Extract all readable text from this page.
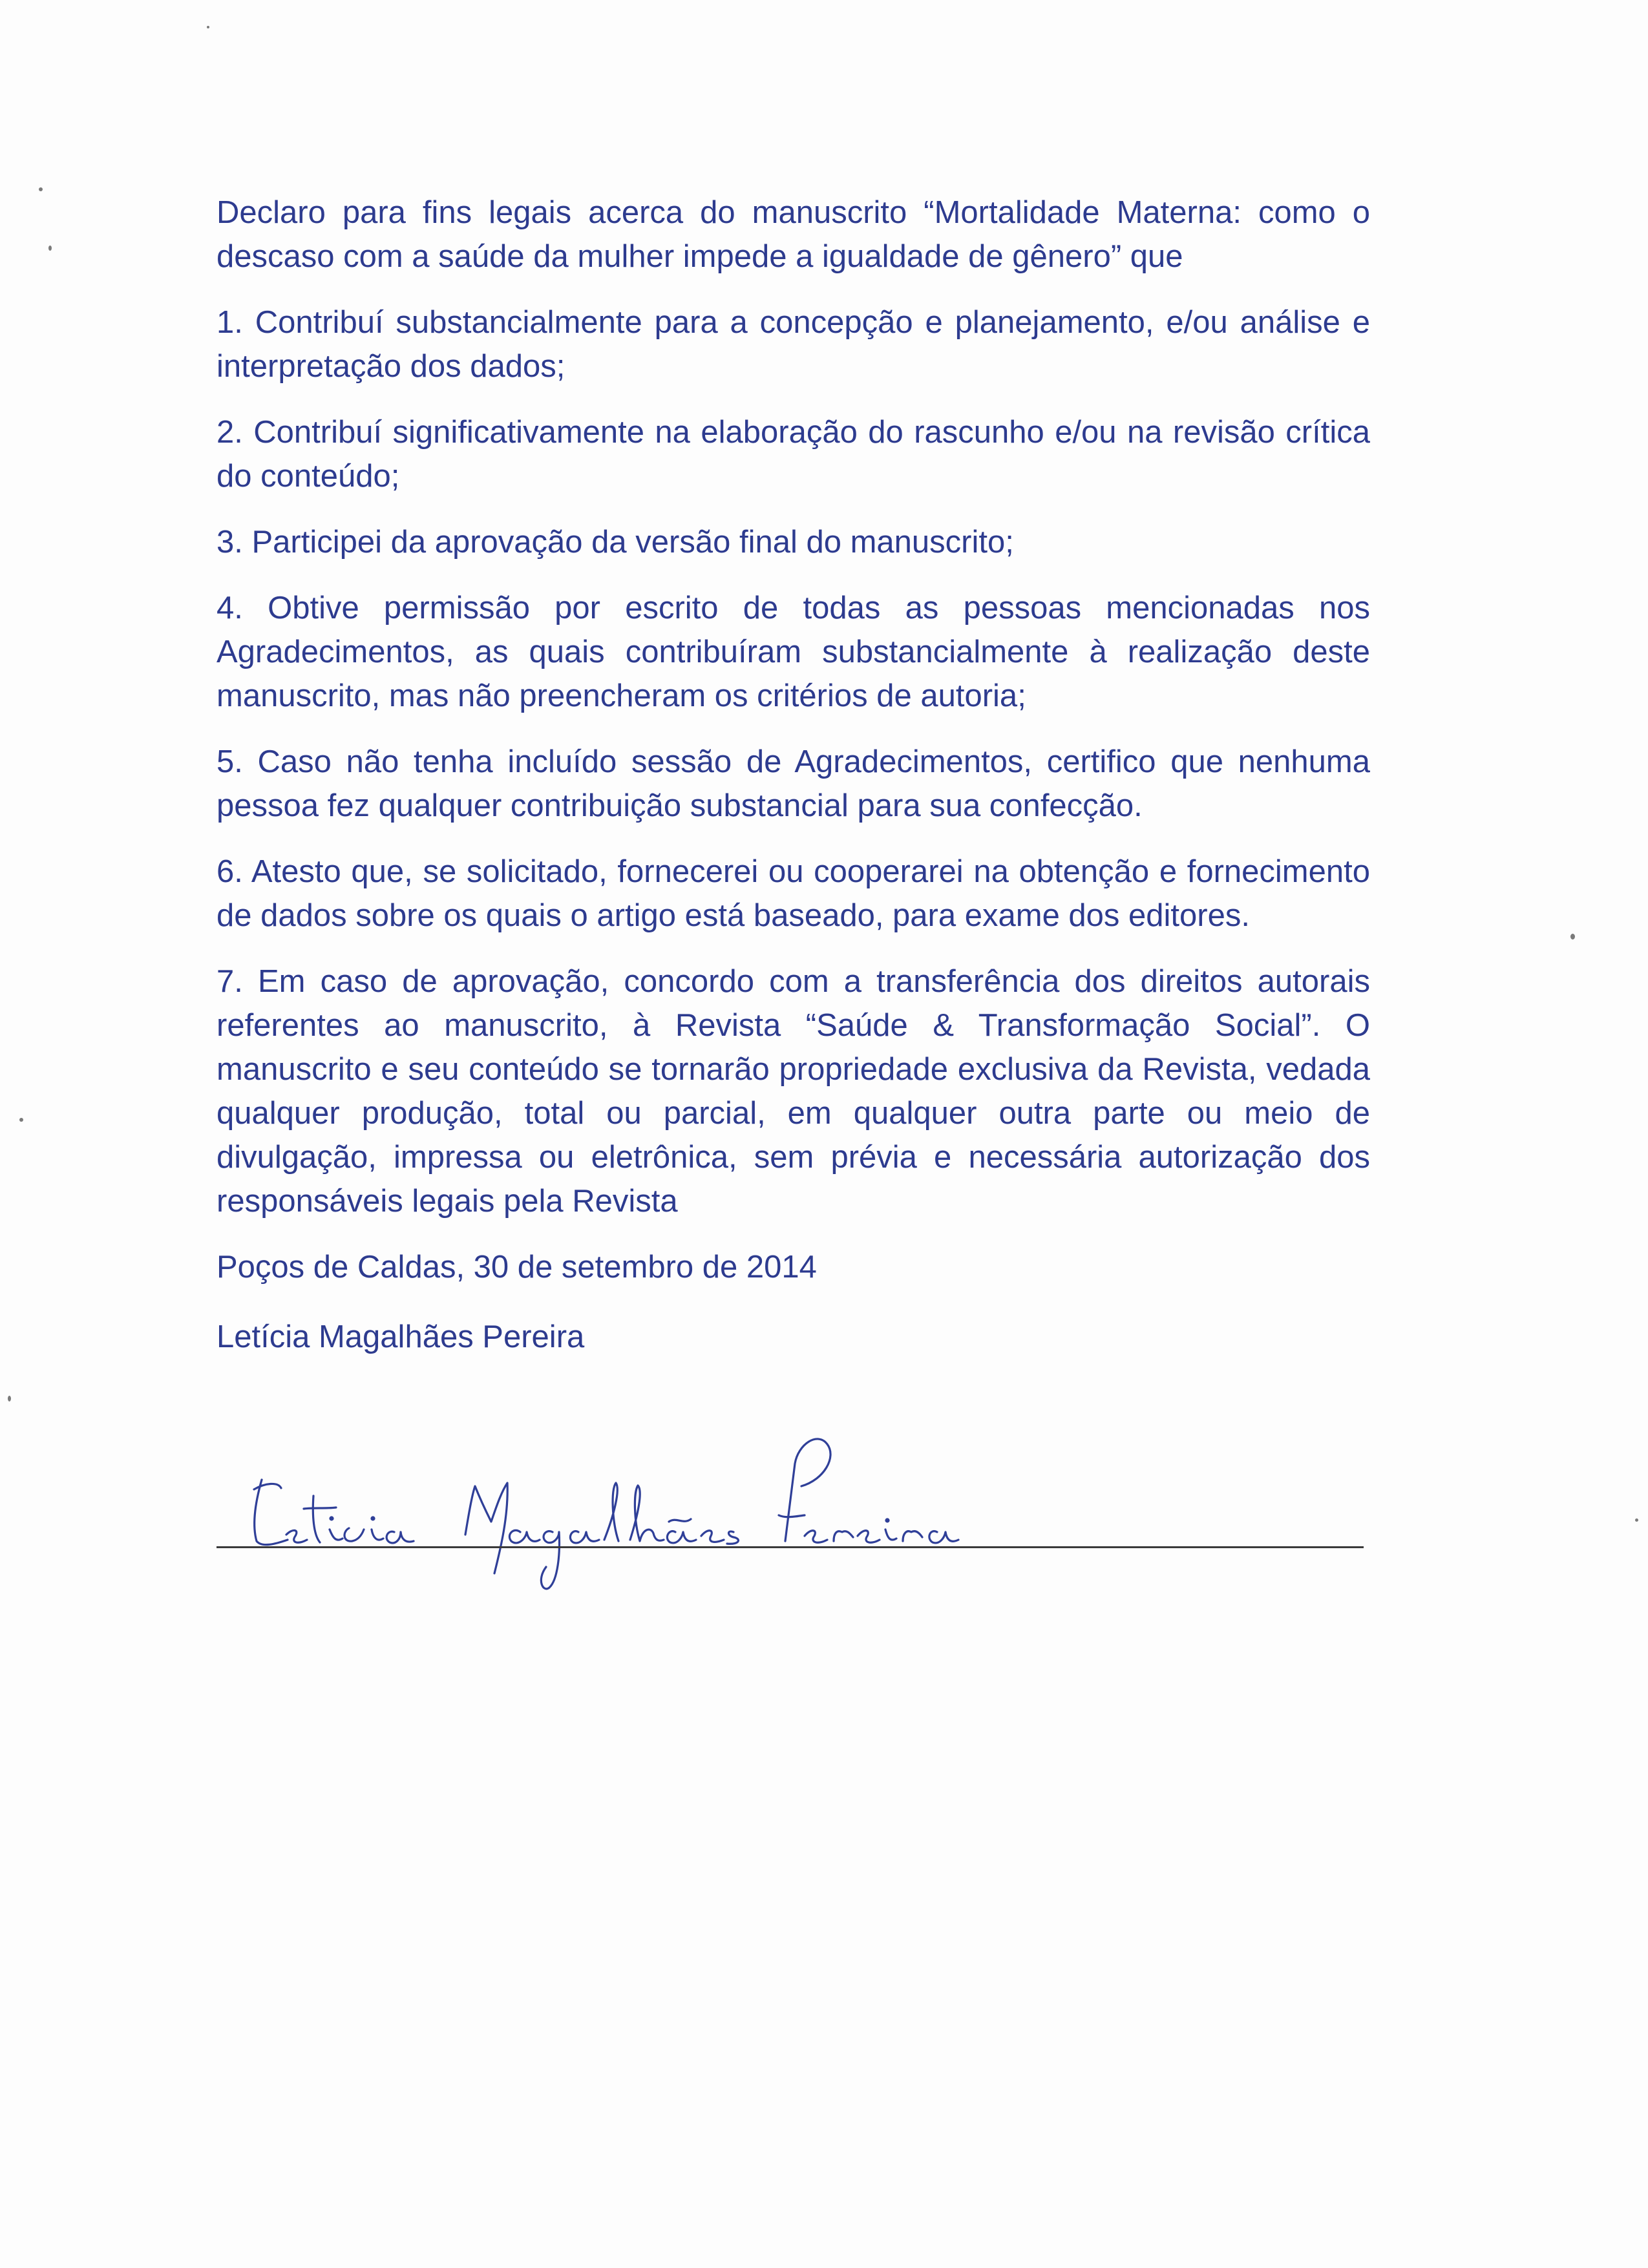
Declaro para fins legais acerca do manuscrito “Mortalidade Materna: como o descaso com a saúde da mulher impede a igualdade de gênero” que

1. Contribuí substancialmente para a concepção e planejamento, e/ou análise e interpretação dos dados;

2. Contribuí significativamente na elaboração do rascunho e/ou na revisão crítica do conteúdo;

3. Participei da aprovação da versão final do manuscrito;

4. Obtive permissão por escrito de todas as pessoas mencionadas nos Agradecimentos, as quais contribuíram substancialmente à realização deste manuscrito, mas não preencheram os critérios de autoria;

5. Caso não tenha incluído sessão de Agradecimentos, certifico que nenhuma pessoa fez qualquer contribuição substancial para sua confecção.

6. Atesto que, se solicitado, fornecerei ou cooperarei na obtenção e fornecimento de dados sobre os quais o artigo está baseado, para exame dos editores.

7. Em caso de aprovação, concordo com a transferência dos direitos autorais referentes ao manuscrito, à Revista “Saúde & Transformação Social”. O manuscrito e seu conteúdo se tornarão propriedade exclusiva da Revista, vedada qualquer produção, total ou parcial, em qualquer outra parte ou meio de divulgação, impressa ou eletrônica, sem prévia e necessária autorização dos responsáveis legais pela Revista

Poços de Caldas, 30 de setembro de 2014

Letícia Magalhães Pereira
